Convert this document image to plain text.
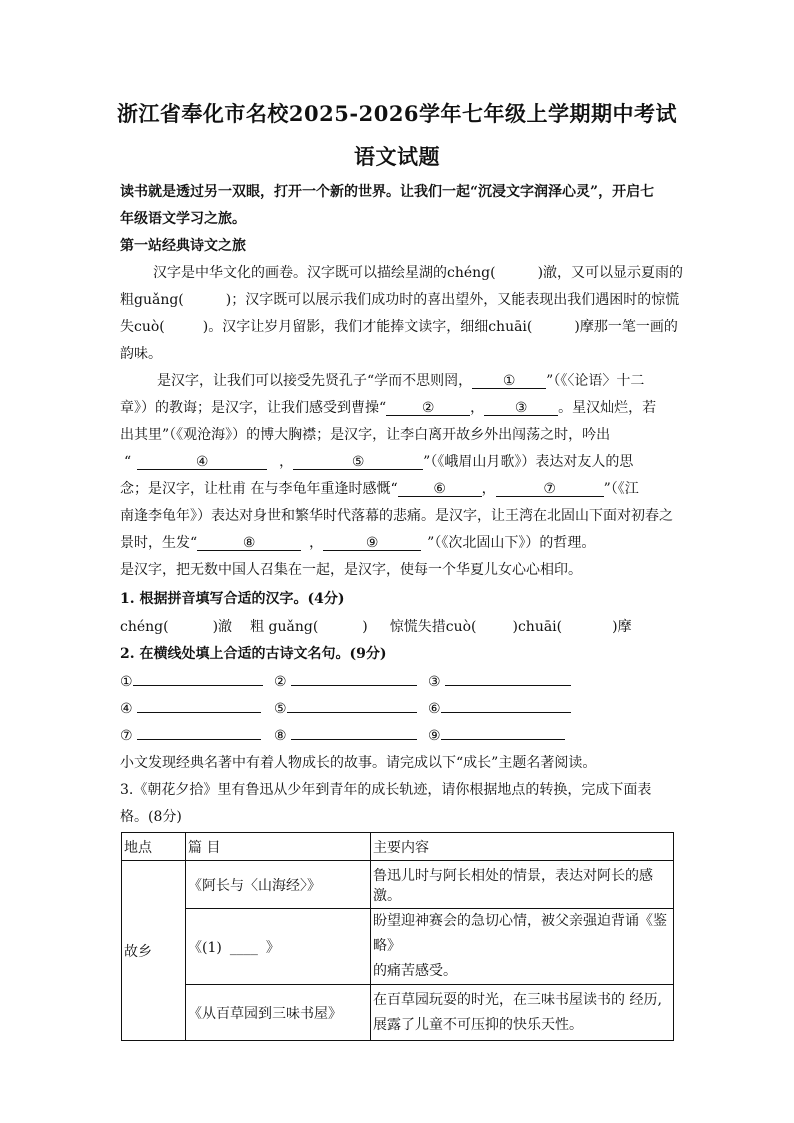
浙江省奉化市名校2025-2026学年七年级上学期期中考试
语文试题
读书就是透过另一双眼，打开一个新的世界。让我们一起“沉浸文字润泽心灵”，开启七
年级语文学习之旅。
第一站经典诗文之旅
汉字是中华文化的画卷。汉字既可以描绘星湖的chéng(	)澈，又可以显示夏雨的
粗guǎng(	)；汉字既可以展示我们成功时的喜出望外，又能表现出我们遇困时的惊慌
失cuò(	)。汉字让岁月留影，我们才能捧文读字，细细chuāi(	)摩那一笔一画的
韵味。
是汉字，让我们可以接受先贤孔子“学而不思则罔， ① ”（《〈论语〉十二
章》）的教诲；是汉字，让我们感受到曹操“	②	， ③ 。星汉灿烂，若
出其里”（《观沧海》）的博大胸襟；是汉字，让李白离开故乡外出闯荡之时，吟出
“	④	，	⑤	”（《峨眉山月歌》）表达对友人的思
念；是汉字，让杜甫 在与李龟年重逢时感慨“	⑥	，	⑦	”（《江
南逢李龟年》）表达对身世和繁华时代落幕的悲痛。是汉字，让王湾在北固山下面对初春之
景时，生发“	⑧	，	⑨	”（《次北固山下》）的哲理。
是汉字，把无数中国人召集在一起，是汉字，使每一个华夏儿女心心相印。
1. 根据拼音填写合适的汉字。(4分)
chéng(	)澈 粗 guǎng(	) 惊慌失措cuò(	)chuāi(	)摩
2. 在横线处填上合适的古诗文名句。(9分)
①	②	③
④	⑤	⑥
⑦	⑧	⑨
小文发现经典名著中有着人物成长的故事。请完成以下“成长”主题名著阅读。
3.《朝花夕拾》里有鲁迅从少年到青年的成长轨迹，请你根据地点的转换，完成下面表
格。(8分)
地点	篇 目	主要内容
故乡	《阿长与〈山海经〉》	鲁迅儿时与阿长相处的情景，表达对阿长的感激。
	《(1) ____ 》	盼望迎神赛会的急切心情，被父亲强迫背诵《鉴略》
的痛苦感受。

	《从百草园到三味书屋》	在百草园玩耍的时光，在三味书屋读书的 经历,
展露了儿童不可压抑的快乐天性。
